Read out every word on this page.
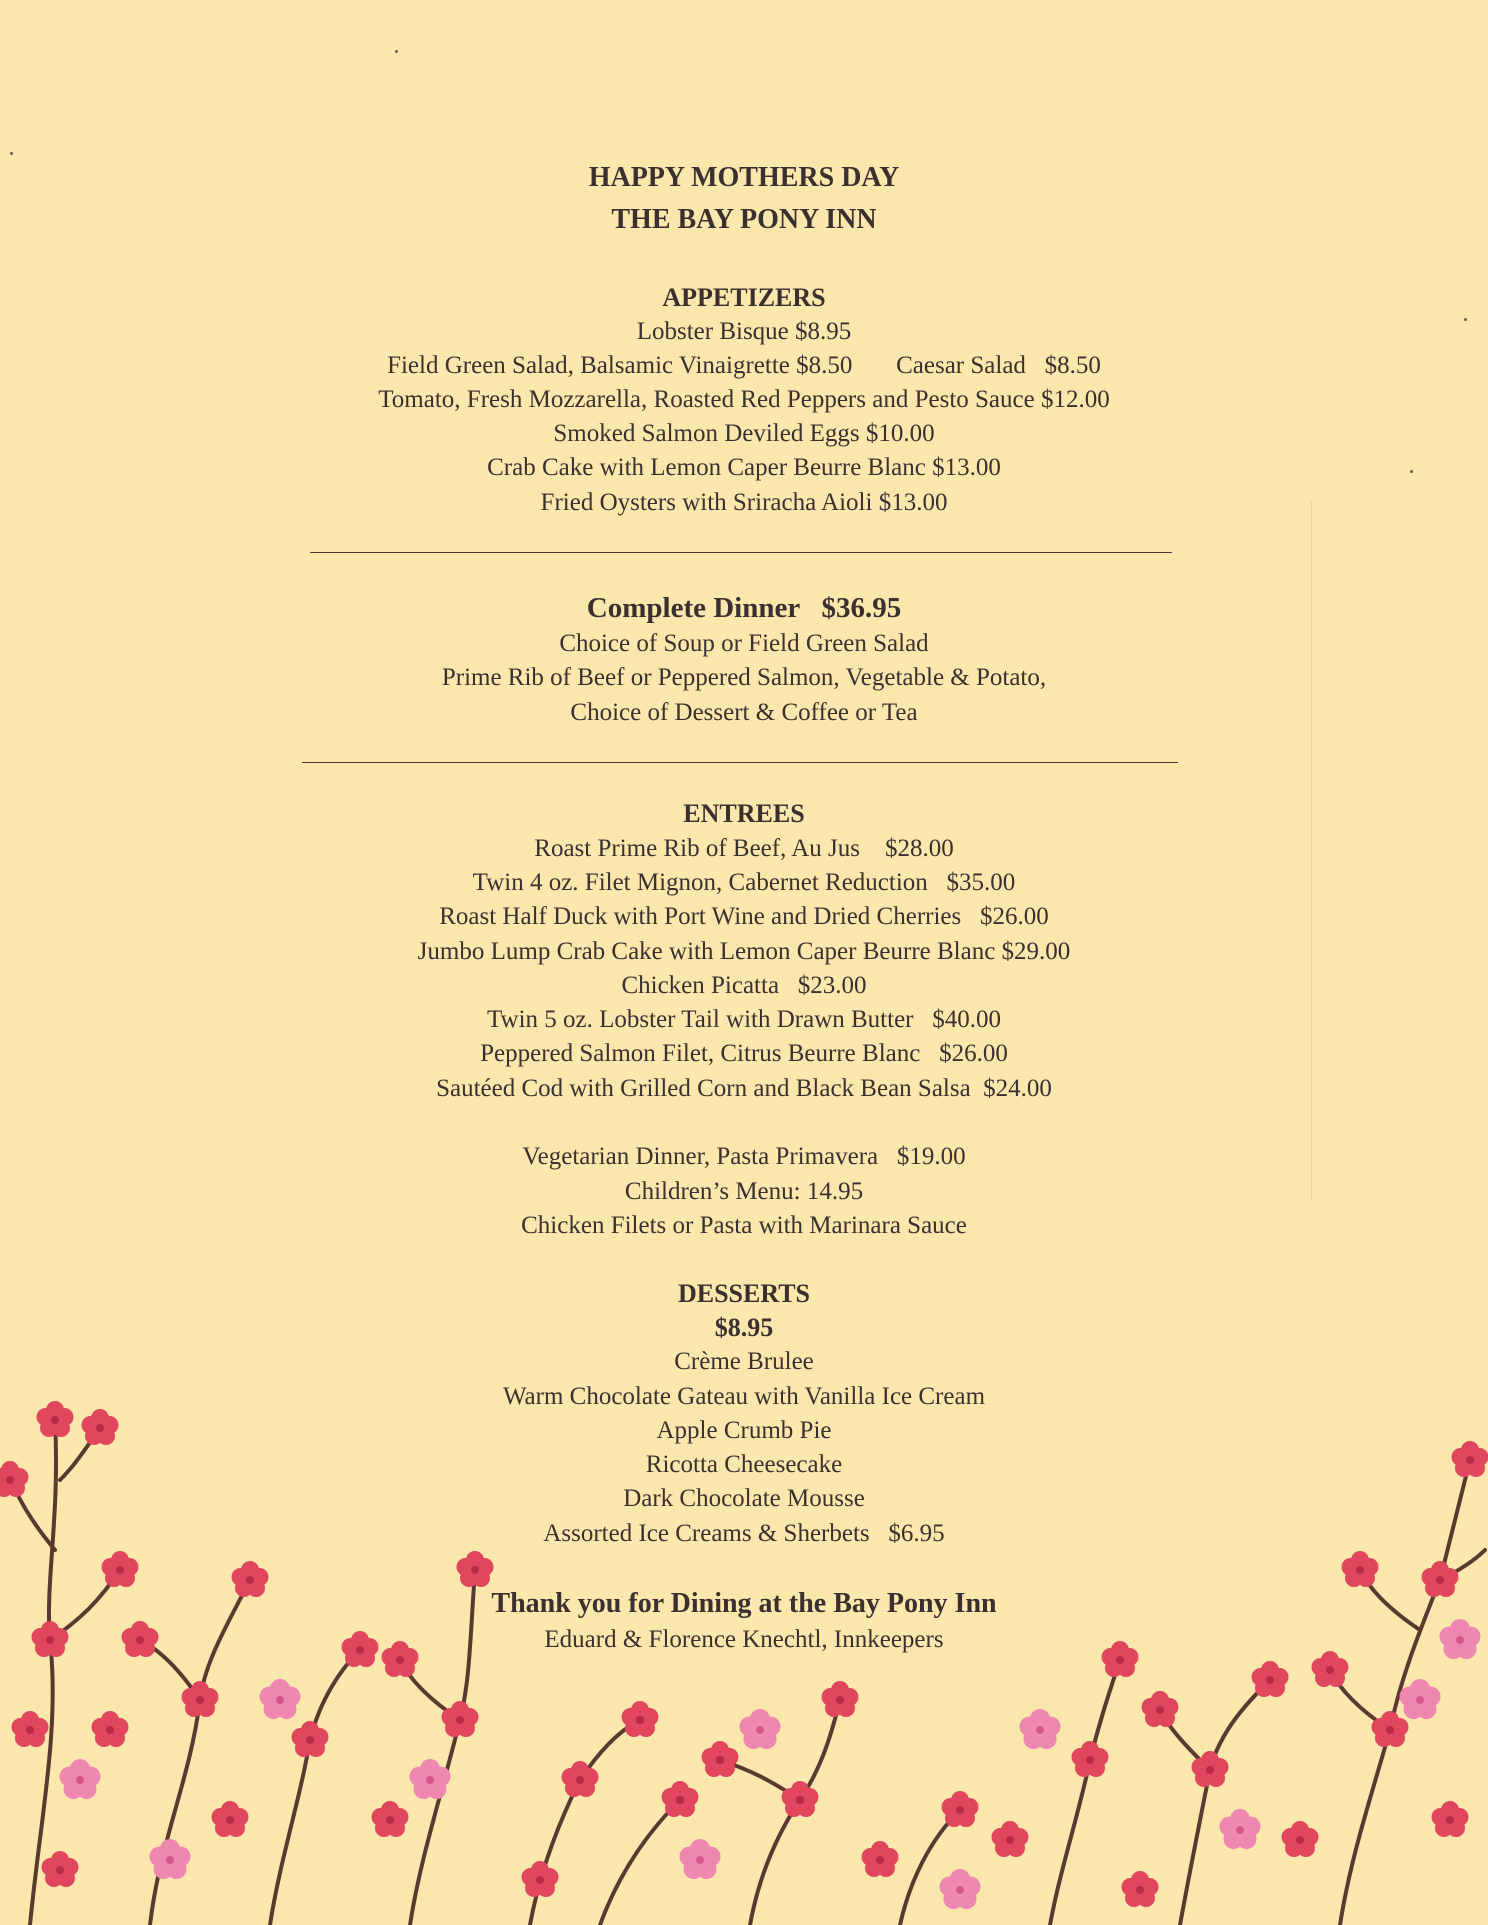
HAPPY MOTHERS DAY
THE BAY PONY INN
APPETIZERS
Lobster Bisque $8.95
Field Green Salad, Balsamic Vinaigrette $8.50       Caesar Salad   $8.50
Tomato, Fresh Mozzarella, Roasted Red Peppers and Pesto Sauce $12.00
Smoked Salmon Deviled Eggs $10.00
Crab Cake with Lemon Caper Beurre Blanc $13.00
Fried Oysters with Sriracha Aioli $13.00
Complete Dinner   $36.95
Choice of Soup or Field Green Salad
Prime Rib of Beef or Peppered Salmon, Vegetable & Potato,
Choice of Dessert & Coffee or Tea
ENTREES
Roast Prime Rib of Beef, Au Jus    $28.00
Twin 4 oz. Filet Mignon, Cabernet Reduction   $35.00
Roast Half Duck with Port Wine and Dried Cherries   $26.00
Jumbo Lump Crab Cake with Lemon Caper Beurre Blanc $29.00
Chicken Picatta   $23.00
Twin 5 oz. Lobster Tail with Drawn Butter   $40.00
Peppered Salmon Filet, Citrus Beurre Blanc   $26.00
Sautéed Cod with Grilled Corn and Black Bean Salsa  $24.00
Vegetarian Dinner, Pasta Primavera   $19.00
Children’s Menu: 14.95
Chicken Filets or Pasta with Marinara Sauce
DESSERTS
$8.95
Crème Brulee
Warm Chocolate Gateau with Vanilla Ice Cream
Apple Crumb Pie
Ricotta Cheesecake
Dark Chocolate Mousse
Assorted Ice Creams & Sherbets   $6.95
Thank you for Dining at the Bay Pony Inn
Eduard & Florence Knechtl, Innkeepers
